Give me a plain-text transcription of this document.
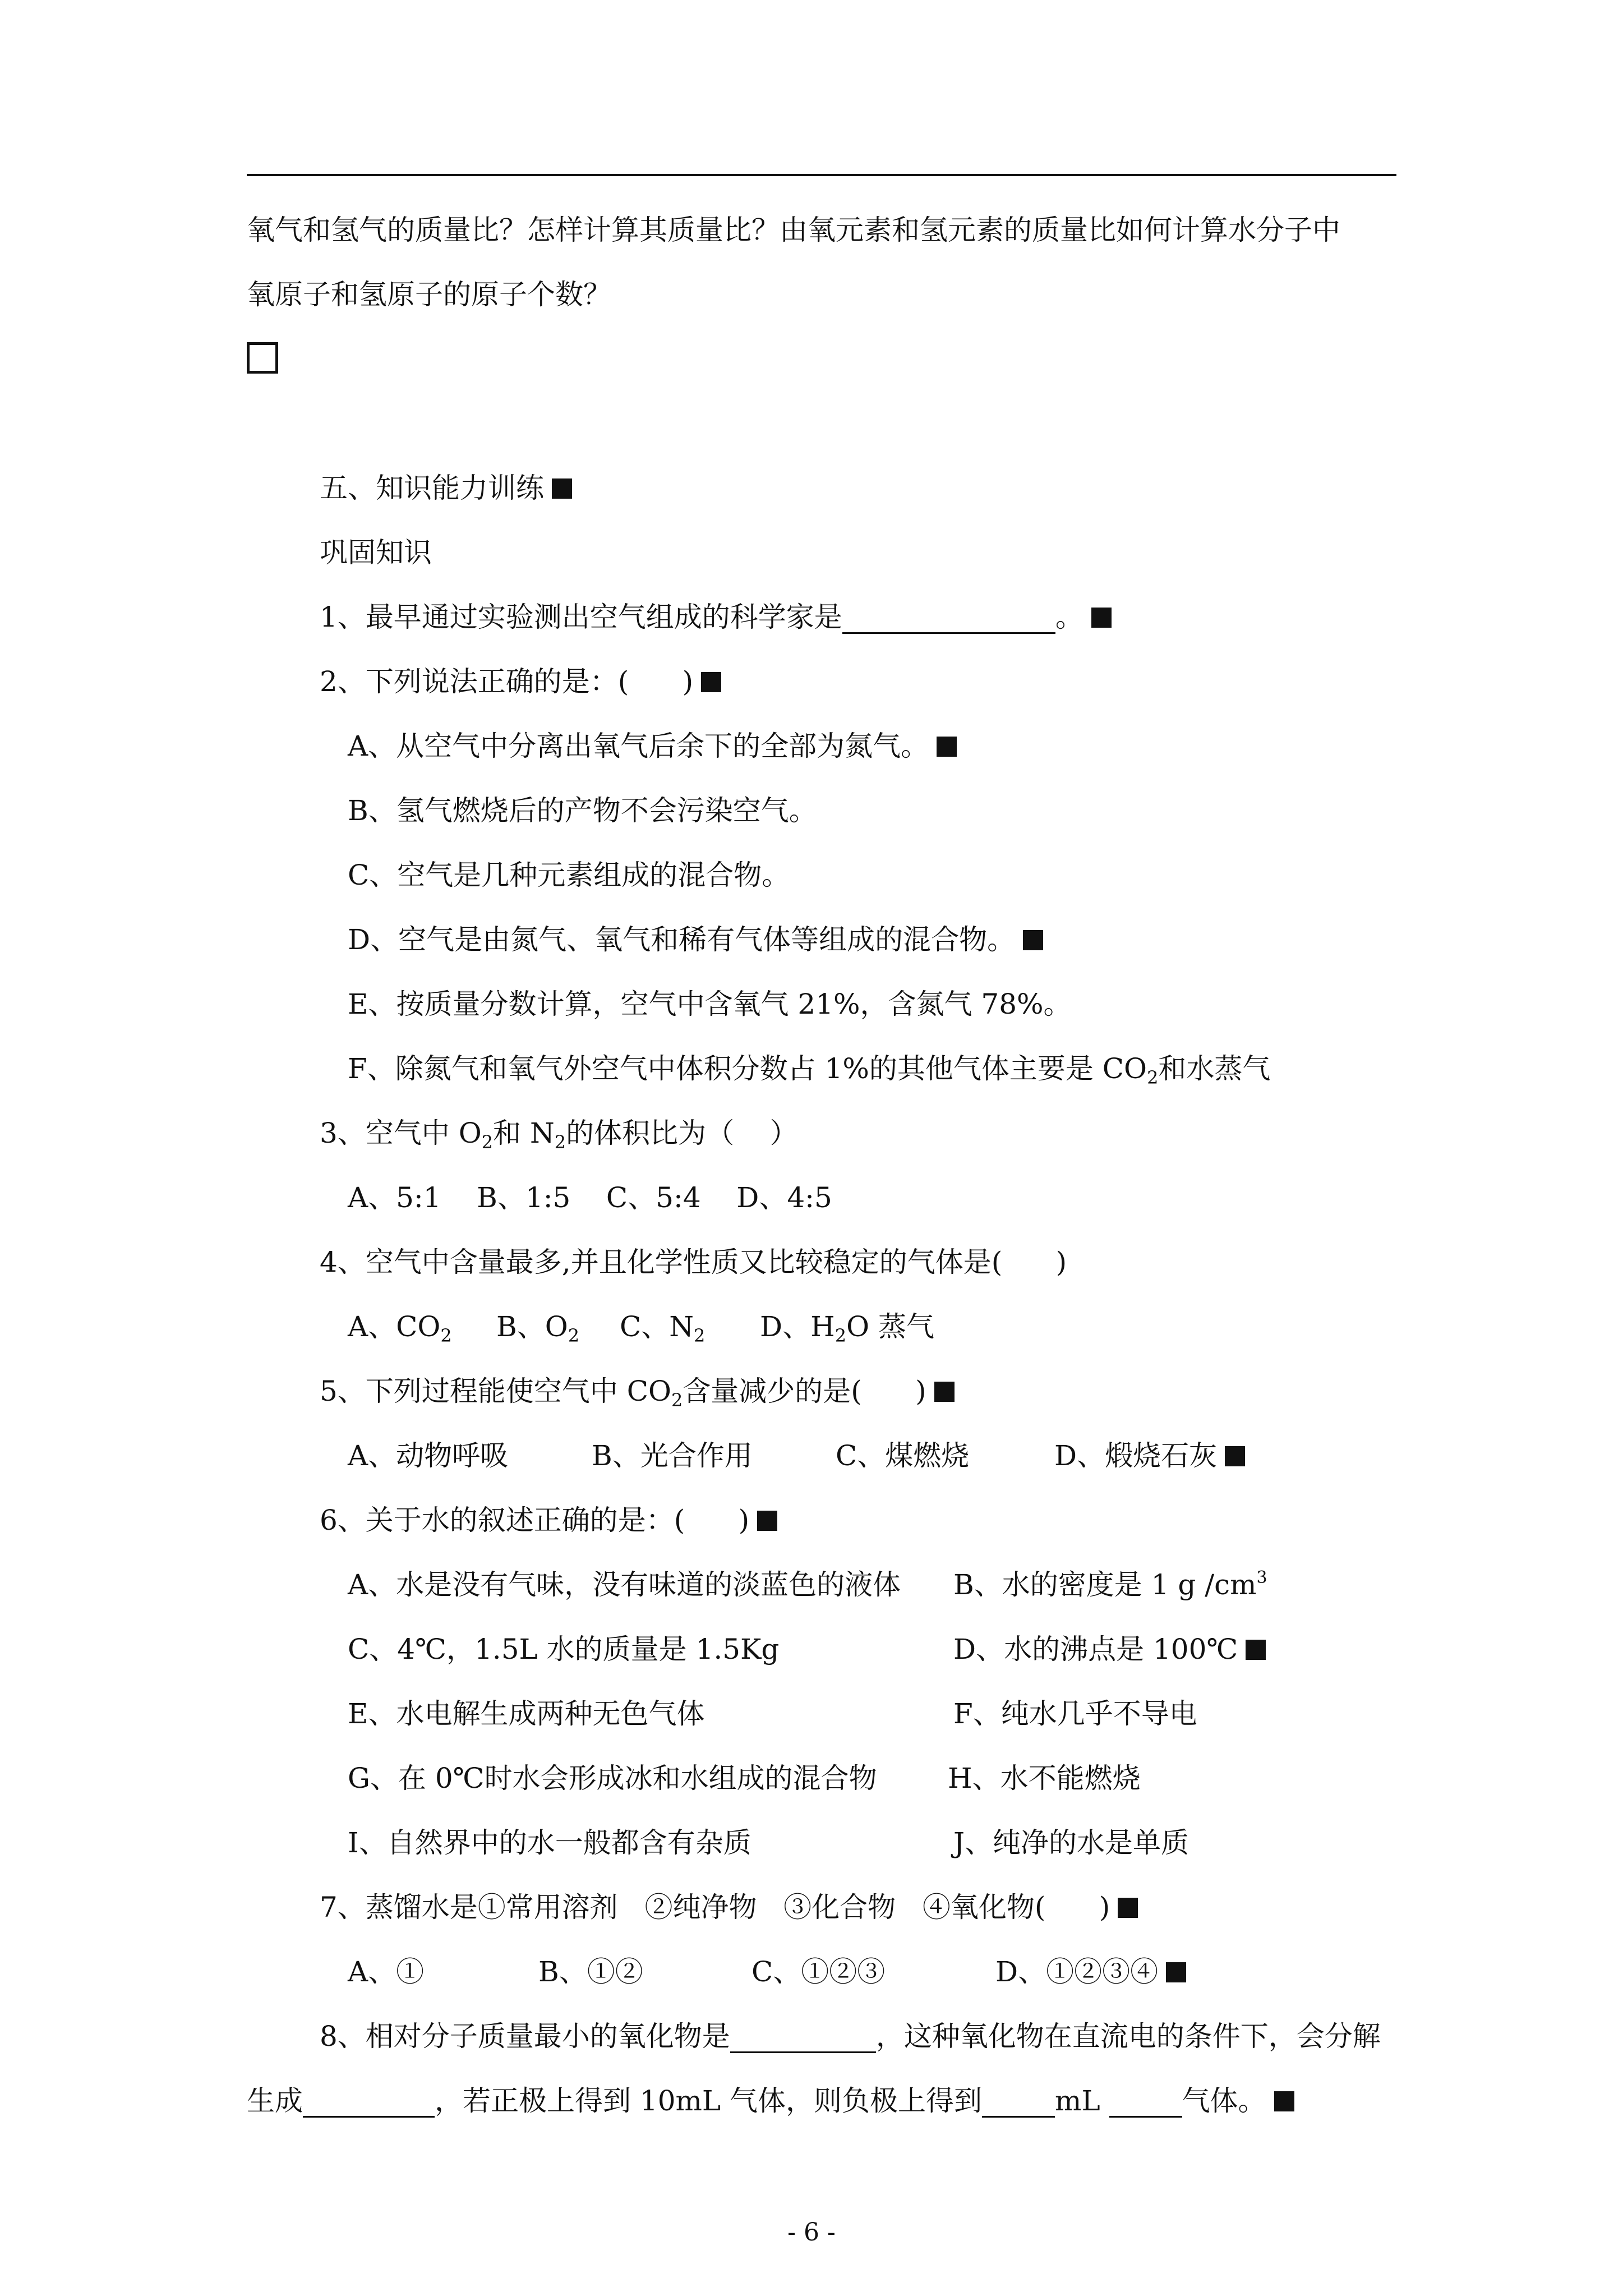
氧气和氢气的质量比？怎样计算其质量比？由氧元素和氢元素的质量比如何计算水分子中
氧原子和氢原子的原子个数？
五、知识能力训练
巩固知识
1、最早通过实验测出空气组成的科学家是	。
2、下列说法正确的是：(      )
A、从空气中分离出氧气后余下的全部为氮气。
B、氢气燃烧后的产物不会污染空气。
C、空气是几种元素组成的混合物。
D、空气是由氮气、氧气和稀有气体等组成的混合物。
E、按质量分数计算，空气中含氧气 21%，含氮气 78%。
F、除氮气和氧气外空气中体积分数占 1%的其他气体主要是 $CO_2$和水蒸气
3、空气中 $O_2$和 $N_2$的体积比为（    ）
A、5:1    B、1:5    C、5:4    D、4:5
4、空气中含量最多,并且化学性质又比较稳定的气体是(      )
A、$CO_2$ B、$O_2$ C、$N_2$ D、$H_2O$ 蒸气
5、下列过程能使空气中 $CO_2$含量减少的是(      )
A、动物呼吸	B、光合作用	C、煤燃烧	D、煅烧石灰
6、关于水的叙述正确的是：(      )
A、水是没有气味，没有味道的淡蓝色的液体 B、水的密度是 1 g $/cm^3$
C、4℃，1.5L 水的质量是 1.5Kg	D、水的沸点是 100℃
E、水电解生成两种无色气体	F、纯水几乎不导电
G、在 0℃时水会形成冰和水组成的混合物	H、水不能燃烧
I、自然界中的水一般都含有杂质	J、纯净的水是单质
7、蒸馏水是①常用溶剂   ②纯净物   ③化合物   ④氧化物(      )
A、①	B、①②	C、①②③	D、①②③④
8、相对分子质量最小的氧化物是	，这种氧化物在直流电的条件下，会分解
生成	，若正极上得到 10mL 气体，则负极上得到	mL	气体。
- 6 -
